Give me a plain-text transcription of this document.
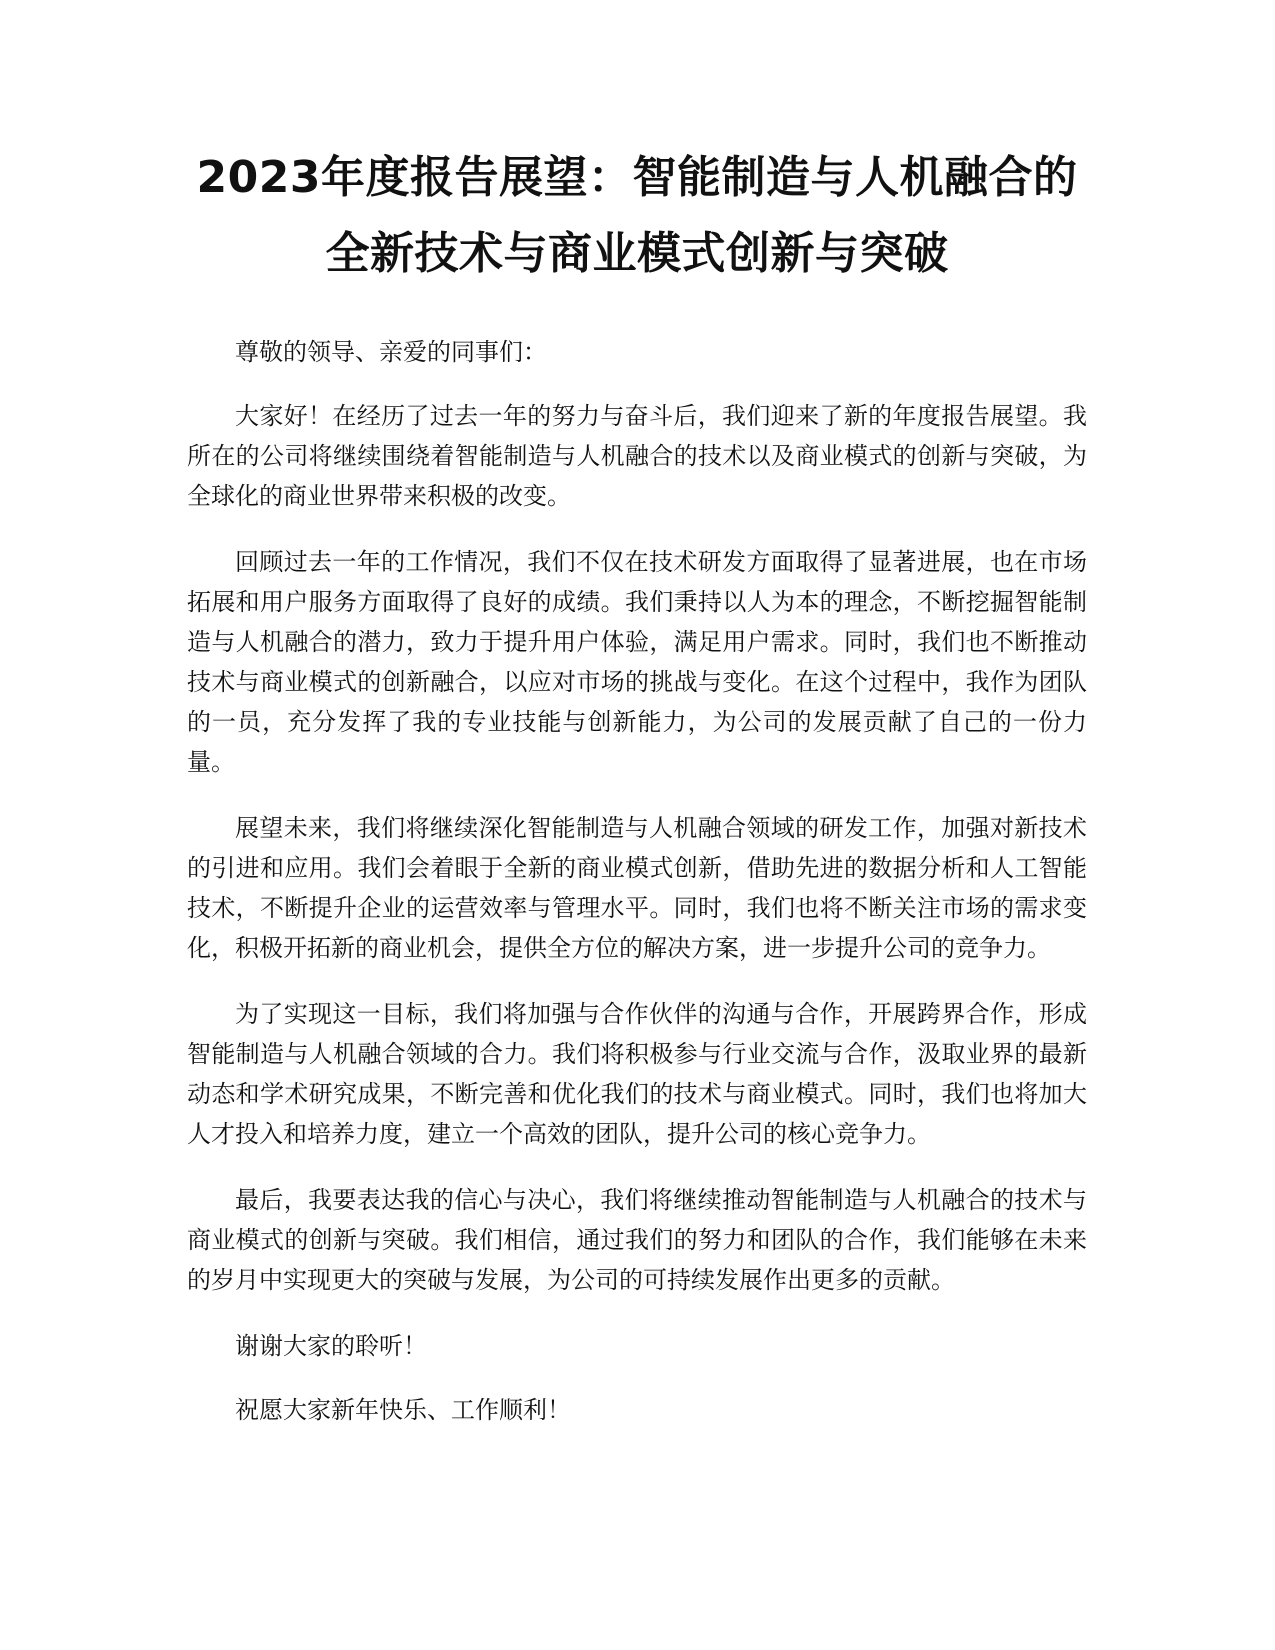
2023年度报告展望：智能制造与人机融合的
全新技术与商业模式创新与突破

尊敬的领导、亲爱的同事们：

大家好！在经历了过去一年的努力与奋斗后，我们迎来了新的年度报告展望。我所在的公司将继续围绕着智能制造与人机融合的技术以及商业模式的创新与突破，为全球化的商业世界带来积极的改变。

回顾过去一年的工作情况，我们不仅在技术研发方面取得了显著进展，也在市场拓展和用户服务方面取得了良好的成绩。我们秉持以人为本的理念，不断挖掘智能制造与人机融合的潜力，致力于提升用户体验，满足用户需求。同时，我们也不断推动技术与商业模式的创新融合，以应对市场的挑战与变化。在这个过程中，我作为团队的一员，充分发挥了我的专业技能与创新能力，为公司的发展贡献了自己的一份力量。

展望未来，我们将继续深化智能制造与人机融合领域的研发工作，加强对新技术的引进和应用。我们会着眼于全新的商业模式创新，借助先进的数据分析和人工智能技术，不断提升企业的运营效率与管理水平。同时，我们也将不断关注市场的需求变化，积极开拓新的商业机会，提供全方位的解决方案，进一步提升公司的竞争力。

为了实现这一目标，我们将加强与合作伙伴的沟通与合作，开展跨界合作，形成智能制造与人机融合领域的合力。我们将积极参与行业交流与合作，汲取业界的最新动态和学术研究成果，不断完善和优化我们的技术与商业模式。同时，我们也将加大人才投入和培养力度，建立一个高效的团队，提升公司的核心竞争力。

最后，我要表达我的信心与决心，我们将继续推动智能制造与人机融合的技术与商业模式的创新与突破。我们相信，通过我们的努力和团队的合作，我们能够在未来的岁月中实现更大的突破与发展，为公司的可持续发展作出更多的贡献。

谢谢大家的聆听！

祝愿大家新年快乐、工作顺利！
